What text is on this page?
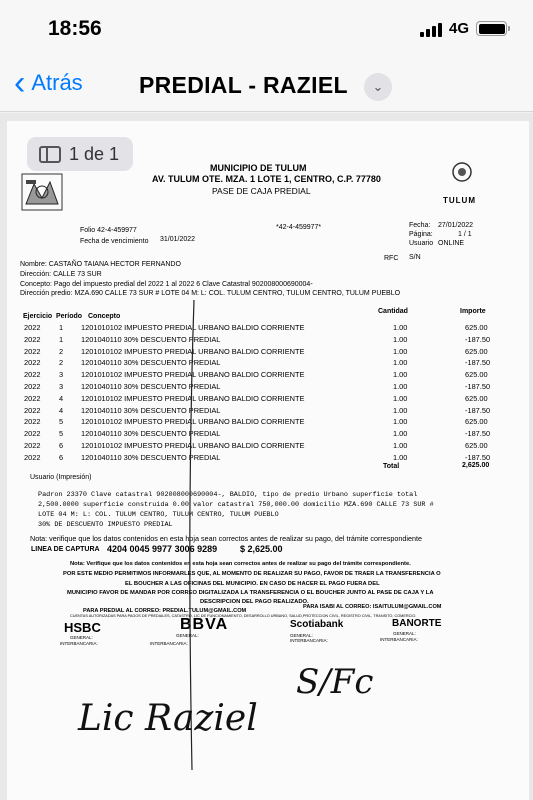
18:56	4G
‹ Atrás PREDIAL - RAZIEL ⌄
TULUM
MUNICIPIO DE TULUM
AV. TULUM OTE. MZA. 1 LOTE 1, CENTRO, C.P. 77780
PASE DE CAJA PREDIAL
Folio 42-4-459977	*42-4-459977*
Fecha de vencimiento 31/01/2022
Fecha: 27/01/2022
Página:	1 / 1
Usuario ONLINE
RFC S/N
Nombre: CASTAÑO TAIANA HECTOR FERNANDO
Dirección: CALLE 73 SUR
Concepto: Pago del impuesto predial del 2022 1 al 2022 6 Clave Catastral 902008000690004-
Dirección predio: MZA.690 CALLE 73 SUR # LOTE 04 M: L: COL. TULUM CENTRO, TULUM CENTRO, TULUM PUEBLO
Ejercicio Período Concepto
Cantidad	Importe
2022	1 1201010102 IMPUESTO PREDIAL URBANO BALDIO CORRIENTE	1.00	625.00
2022	1 1201040110 30% DESCUENTO PREDIAL	1.00	-187.50
2022	2 1201010102 IMPUESTO PREDIAL URBANO BALDIO CORRIENTE	1.00	625.00
2022	2 1201040110 30% DESCUENTO PREDIAL	1.00	-187.50
2022	3 1201010102 IMPUESTO PREDIAL URBANO BALDIO CORRIENTE	1.00	625.00
2022	3 1201040110 30% DESCUENTO PREDIAL	1.00	-187.50
2022	4 1201010102 IMPUESTO PREDIAL URBANO BALDIO CORRIENTE	1.00	625.00
2022	4 1201040110 30% DESCUENTO PREDIAL	1.00	-187.50
2022	5 1201010102 IMPUESTO PREDIAL URBANO BALDIO CORRIENTE	1.00	625.00
2022	5 1201040110 30% DESCUENTO PREDIAL	1.00	-187.50
2022	6 1201010102 IMPUESTO PREDIAL URBANO BALDIO CORRIENTE	1.00	625.00
2022	6 1201040110 30% DESCUENTO PREDIAL	1.00	-187.50
Total	2,625.00
Usuario (Impresión)
Padron 23370 Clave catastral 902008000690004-, BALDIO, tipo de predio Urbano superficie total
2,500.0000 superficie construida 0.00 valor catastral 750,000.00 domicilio MZA.690 CALLE 73 SUR #
LOTE 04 M: L: COL. TULUM CENTRO, TULUM CENTRO, TULUM PUEBLO
30% DE DESCUENTO IMPUESTO PREDIAL
Nota: verifique que los datos contenidos en esta hoja sean correctos antes de realizar su pago, del trámite correspondiente
LINEA DE CAPTURA 4204 0045 9977 3006 9289	$ 2,625.00
Nota: Verifique que los datos contenidos en esta hoja sean correctos antes de realizar su pago del trámite correspondiente.
POR ESTE MEDIO PERMITIMOS INFORMARLES QUE, AL MOMENTO DE REALIZAR SU PAGO, FAVOR DE TRAER LA TRANSFERENCIA O
EL BOUCHER A LAS OFICINAS DEL MUNICIPIO. EN CASO DE HACER EL PAGO FUERA DEL
MUNICIPIO FAVOR DE MANDAR POR CORREO DIGITALIZADA LA TRANSFERENCIA O EL BOUCHER JUNTO AL PASE DE CAJA Y LA
DESCRIPCION DEL PAGO REALIZADO.
PARA PREDIAL AL CORREO: PREDIAL.TULUM@GMAIL.COM
PARA ISABI AL CORREO: ISAITULUM@GMAIL.COM
CUENTAS AUTORIZADAS PARA PAGOS DE PREDIALES, CATASTRO, LIC DE FUNCIONAMIENTO, DESARROLLO URBANO, SALUD,PROTECCION CIVIL, REGISTRO CIVIL, TRANSITO, COMERCIO.
HSBC
GENERAL:
INTERBANCARIA:
BBVA
GENERAL:
INTERBANCARIA:
Scotiabank
GENERAL:
INTERBANCARIA:
BANORTE
GENERAL:
INTERBANCARIA:
Lic Raziel
S/Fc
1 de 1
